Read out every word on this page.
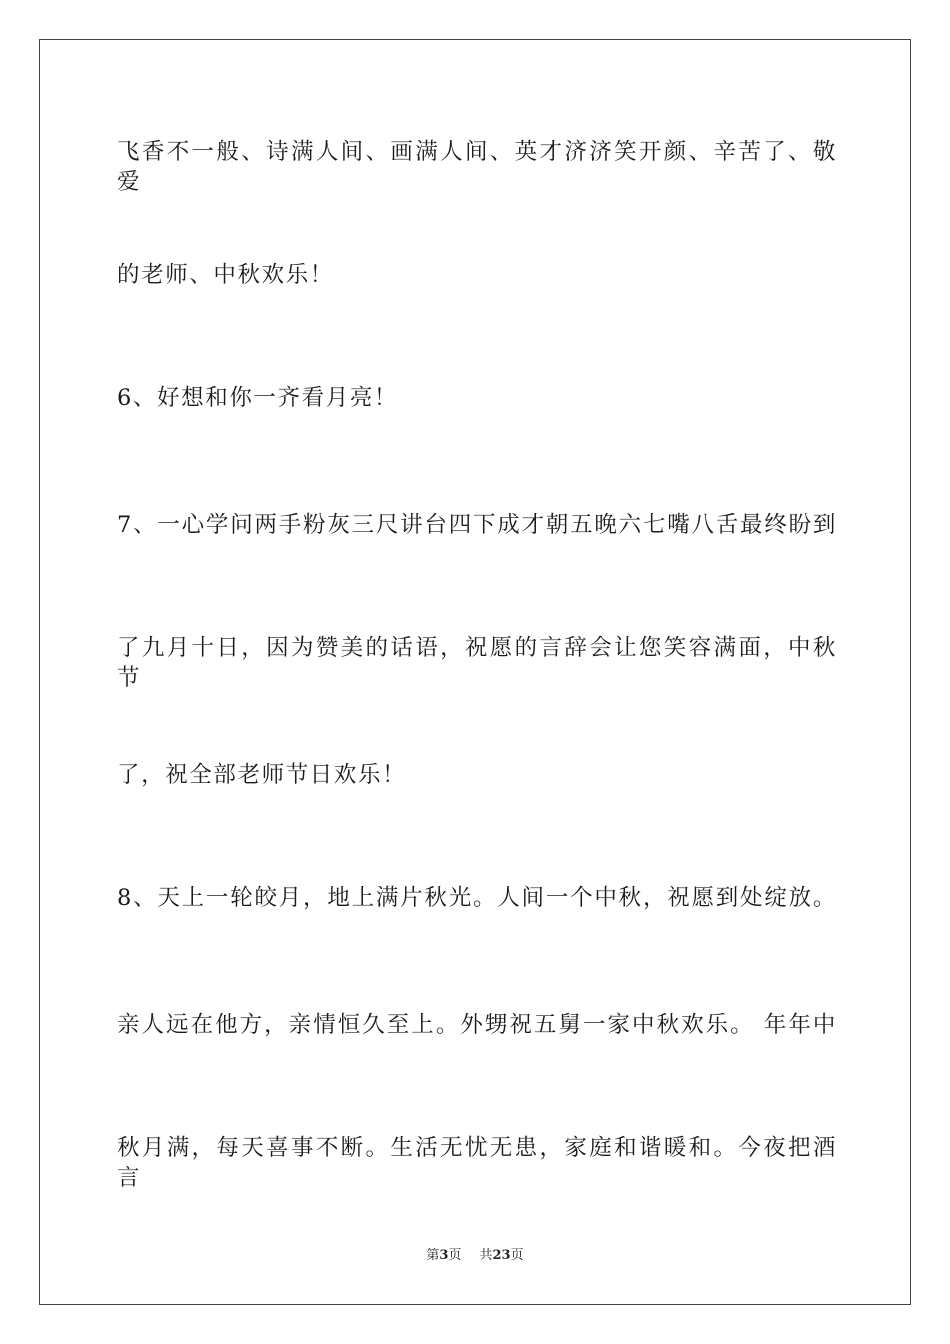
飞香不一般、诗满人间、画满人间、英才济济笑开颜、辛苦了、敬爱
的老师、中秋欢乐！
6、好想和你一齐看月亮！
7、一心学问两手粉灰三尺讲台四下成才朝五晚六七嘴八舌最终盼到
了九月十日，因为赞美的话语，祝愿的言辞会让您笑容满面，中秋节
了，祝全部老师节日欢乐！
8、天上一轮皎月，地上满片秋光。人间一个中秋，祝愿到处绽放。
亲人远在他方，亲情恒久至上。外甥祝五舅一家中秋欢乐。 年年中
秋月满，每天喜事不断。生活无忧无患，家庭和谐暖和。今夜把酒言
第3页 共23页
